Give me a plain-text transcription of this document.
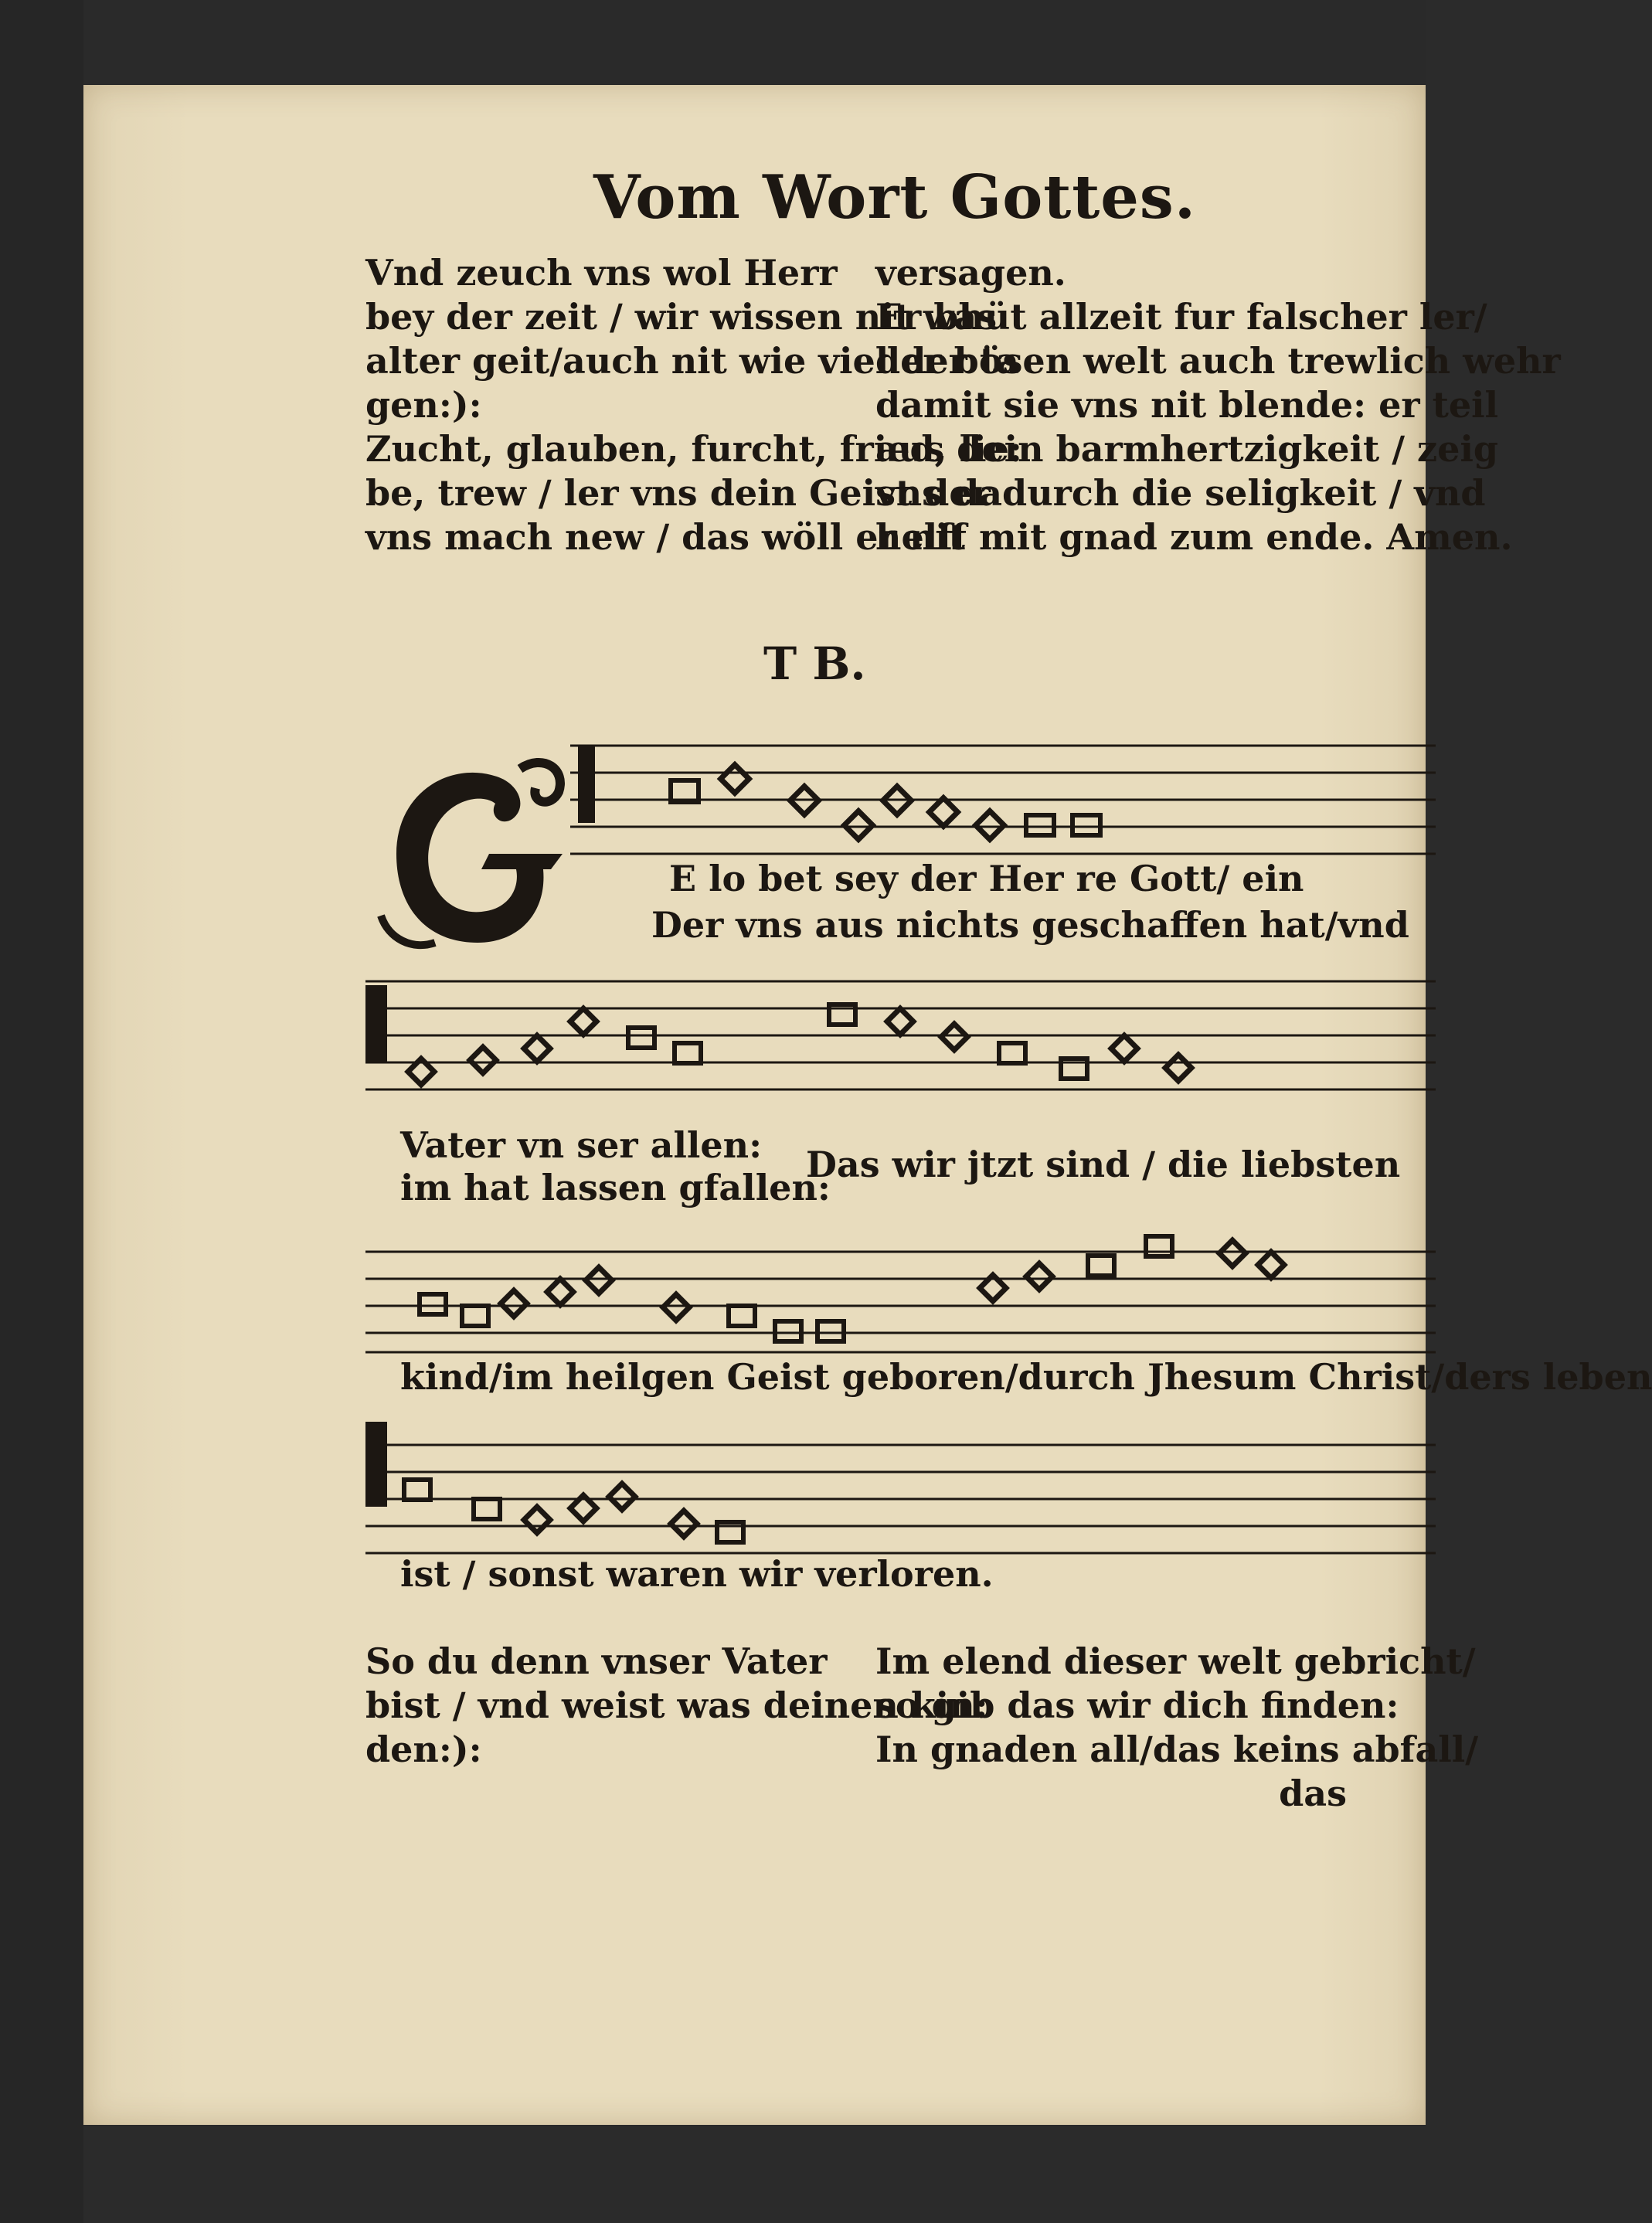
Vom Wort Gottes.
Vnd zeuch vns wol Herr
bey der zeit / wir wissen nit was
alter geit/auch nit wie viel der ta
gen:):
Zucht, glauben, furcht, fried, lie:
be, trew / ler vns dein Geist der
vns mach new / das wöll er nit
versagen.
Er bhüt allzeit fur falscher ler/
der bösen welt auch trewlich wehr
damit sie vns nit blende: er teil
aus dein barmhertzigkeit / zeig
vns dadurch die seligkeit / vnd
helff mit gnad zum ende. Amen.
T B.
E lo bet sey der Her re Gott/ ein
Der vns aus nichts geschaffen hat/vnd
Vater vn ser allen:
im hat lassen gfallen:
Das wir jtzt sind / die liebsten
kind/im heilgen Geist geboren/durch Jhesum Christ/ders leben
ist / sonst waren wir verloren.
So du denn vnser Vater
bist / vnd weist was deinen kin:
den:):
Im elend dieser welt gebricht/
so gib das wir dich finden:
In gnaden all/das keins abfall/
das
